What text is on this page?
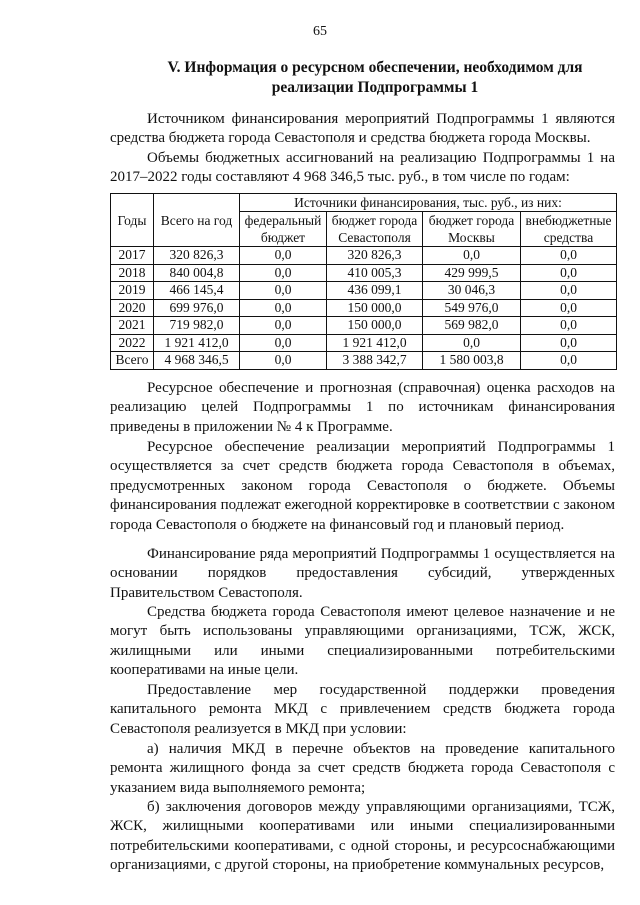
65
V. Информация о ресурсном обеспечении, необходимом для реализации Подпрограммы 1

Источником финансирования мероприятий Подпрограммы 1 являются средства бюджета города Севастополя и средства бюджета города Москвы.

Объемы бюджетных ассигнований на реализацию Подпрограммы 1 на 2017–2022 годы составляют 4 968 346,5 тыс. руб., в том числе по годам:

Годы	Всего на год	Источники финансирования, тыс. руб., из них:			
		федеральный бюджет	бюджет города Севастополя	бюджет города Москвы	внебюджетные средства
2017	320 826,3	0,0	320 826,3	0,0	0,0
2018	840 004,8	0,0	410 005,3	429 999,5	0,0
2019	466 145,4	0,0	436 099,1	30 046,3	0,0
2020	699 976,0	0,0	150 000,0	549 976,0	0,0
2021	719 982,0	0,0	150 000,0	569 982,0	0,0
2022	1 921 412,0	0,0	1 921 412,0	0,0	0,0
Всего	4 968 346,5	0,0	3 388 342,7	1 580 003,8	0,0

Ресурсное обеспечение и прогнозная (справочная) оценка расходов на реализацию целей Подпрограммы 1 по источникам финансирования приведены в приложении № 4 к Программе.

Ресурсное обеспечение реализации мероприятий Подпрограммы 1 осуществляется за счет средств бюджета города Севастополя в объемах, предусмотренных законом города Севастополя о бюджете. Объемы финансирования подлежат ежегодной корректировке в соответствии с законом города Севастополя о бюджете на финансовый год и плановый период.

Финансирование ряда мероприятий Подпрограммы 1 осуществляется на основании порядков предоставления субсидий, утвержденных Правительством Севастополя.

Средства бюджета города Севастополя имеют целевое назначение и не могут быть использованы управляющими организациями, ТСЖ, ЖСК, жилищными или иными специализированными потребительскими кооперативами на иные цели.

Предоставление мер государственной поддержки проведения капитального ремонта МКД с привлечением средств бюджета города Севастополя реализуется в МКД при условии:

а) наличия МКД в перечне объектов на проведение капитального ремонта жилищного фонда за счет средств бюджета города Севастополя с указанием вида выполняемого ремонта;

б) заключения договоров между управляющими организациями, ТСЖ, ЖСК, жилищными кооперативами или иными специализированными потребительскими кооперативами, с одной стороны, и ресурсоснабжающими организациями, с другой стороны, на приобретение коммунальных ресурсов,
